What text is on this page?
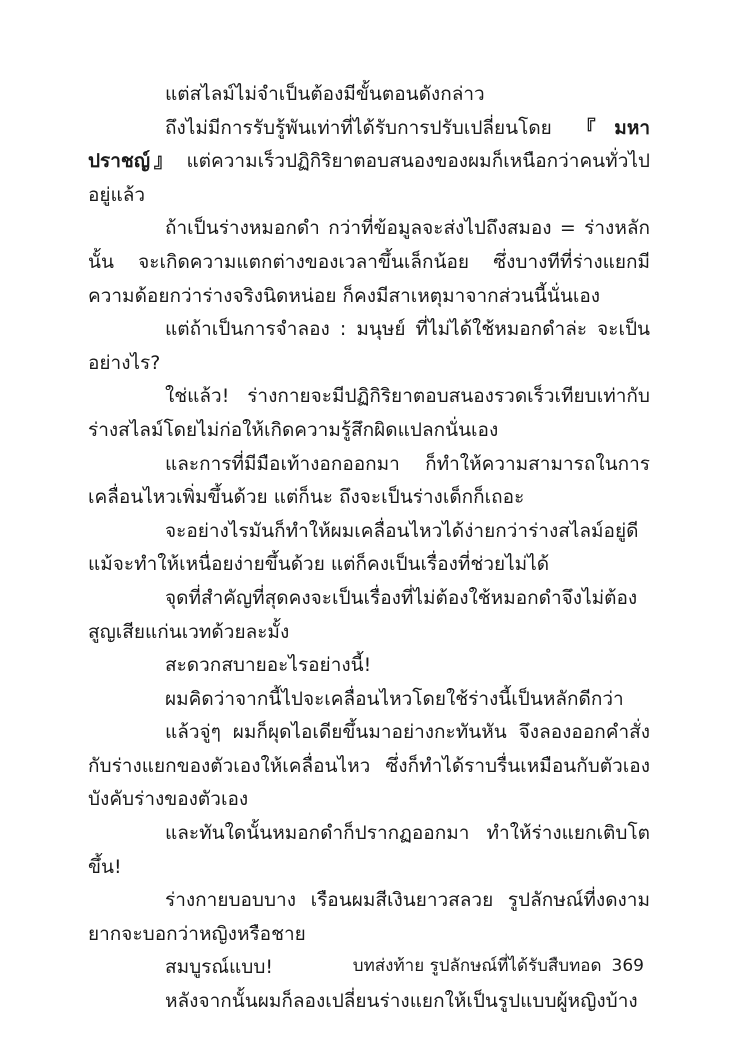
แต่สไลม์ไม่จำเป็นต้องมีขั้นตอนดังกล่าว

ถึงไม่มีการรับรู้พันเท่าที่ได้รับการปรับเปลี่ยนโดย 『มหาปราชญ์』 แต่ความเร็วปฏิกิริยาตอบสนองของผมก็เหนือกว่าคนทั่วไปอยู่แล้ว

ถ้าเป็นร่างหมอกดำ กว่าที่ข้อมูลจะส่งไปถึงสมอง = ร่างหลักนั้น จะเกิดความแตกต่างของเวลาขึ้นเล็กน้อย ซึ่งบางทีที่ร่างแยกมีความด้อยกว่าร่างจริงนิดหน่อย ก็คงมีสาเหตุมาจากส่วนนี้นั่นเอง

แต่ถ้าเป็นการจำลอง : มนุษย์ ที่ไม่ได้ใช้หมอกดำล่ะ จะเป็นอย่างไร?

ใช่แล้ว! ร่างกายจะมีปฏิกิริยาตอบสนองรวดเร็วเทียบเท่ากับร่างสไลม์โดยไม่ก่อให้เกิดความรู้สึกผิดแปลกนั่นเอง

และการที่มีมือเท้างอกออกมา ก็ทำให้ความสามารถในการเคลื่อนไหวเพิ่มขึ้นด้วย แต่ก็นะ ถึงจะเป็นร่างเด็กก็เถอะ

จะอย่างไรมันก็ทำให้ผมเคลื่อนไหวได้ง่ายกว่าร่างสไลม์อยู่ดี แม้จะทำให้เหนื่อยง่ายขึ้นด้วย แต่ก็คงเป็นเรื่องที่ช่วยไม่ได้

จุดที่สำคัญที่สุดคงจะเป็นเรื่องที่ไม่ต้องใช้หมอกดำจึงไม่ต้องสูญเสียแก่นเวทด้วยละมั้ง

สะดวกสบายอะไรอย่างนี้!

ผมคิดว่าจากนี้ไปจะเคลื่อนไหวโดยใช้ร่างนี้เป็นหลักดีกว่า

แล้วจู่ๆ ผมก็ผุดไอเดียขึ้นมาอย่างกะทันหัน จึงลองออกคำสั่งกับร่างแยกของตัวเองให้เคลื่อนไหว ซึ่งก็ทำได้ราบรื่นเหมือนกับตัวเองบังคับร่างของตัวเอง

และทันใดนั้นหมอกดำก็ปรากฏออกมา ทำให้ร่างแยกเติบโตขึ้น!

ร่างกายบอบบาง เรือนผมสีเงินยาวสลวย รูปลักษณ์ที่งดงาม ยากจะบอกว่าหญิงหรือชาย

สมบูรณ์แบบ!

หลังจากนั้นผมก็ลองเปลี่ยนร่างแยกให้เป็นรูปแบบผู้หญิงบ้าง

บทส่งท้าย รูปลักษณ์ที่ได้รับสืบทอด 369
